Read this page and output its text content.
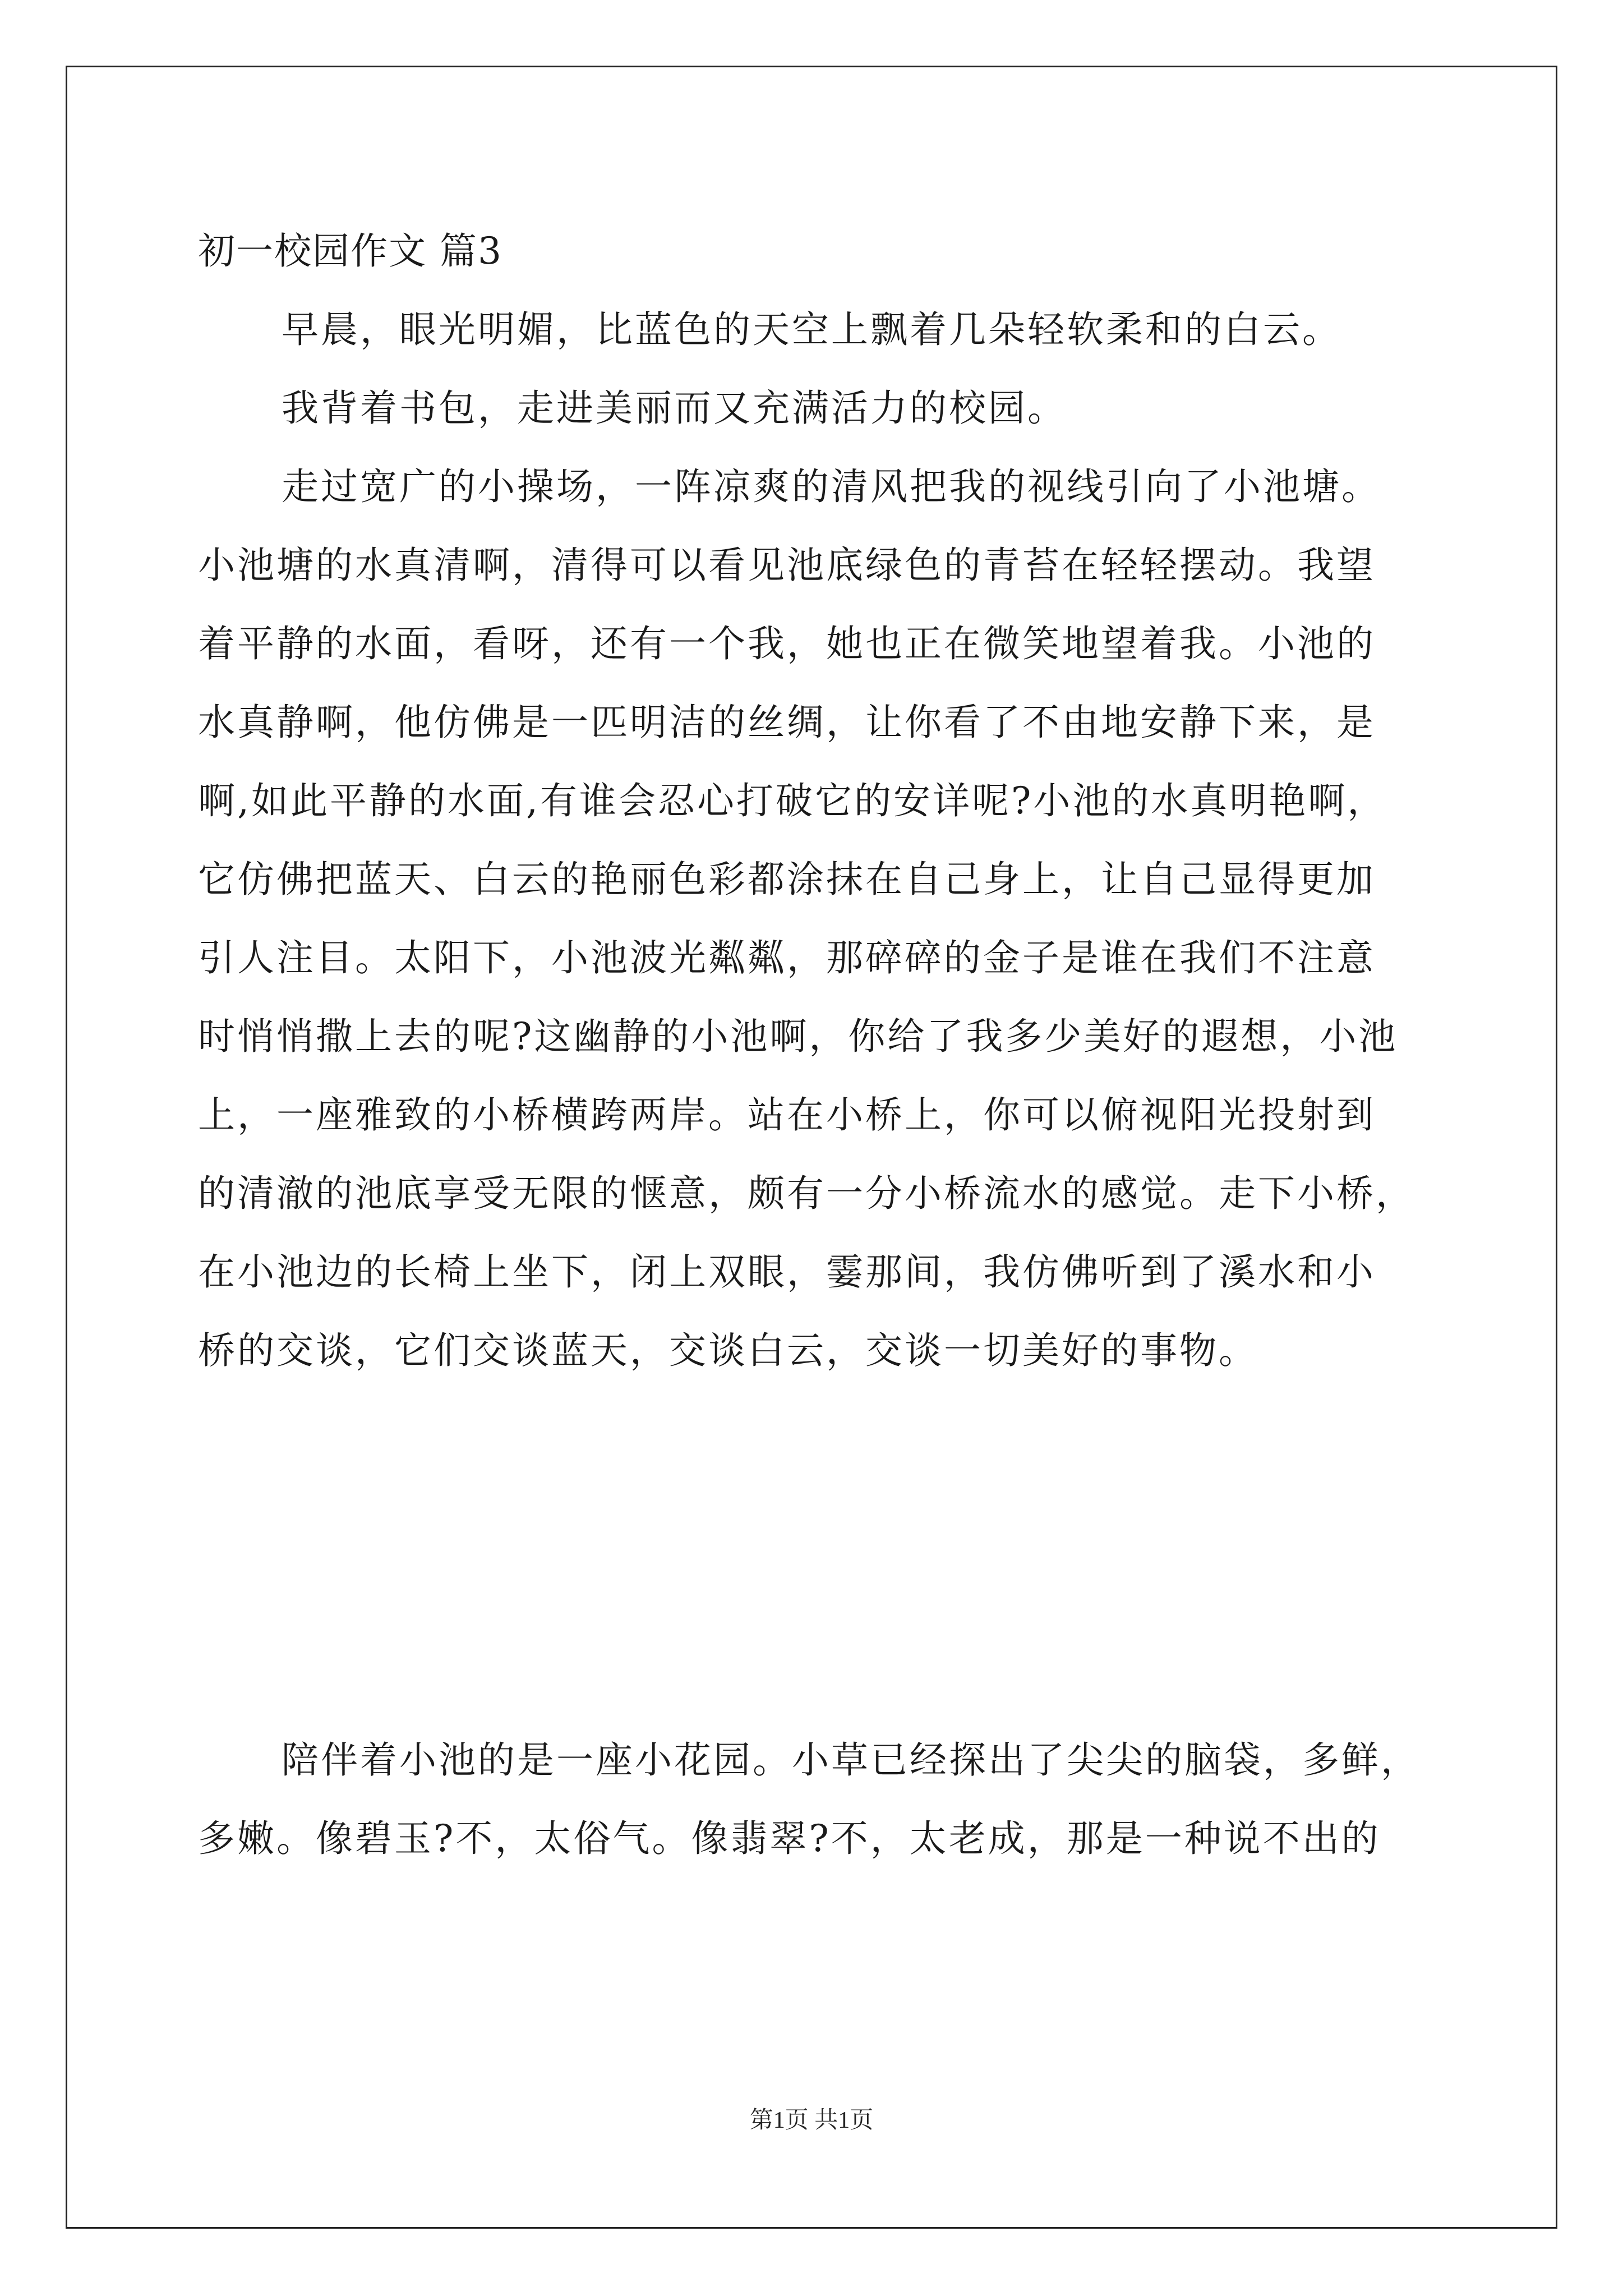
初一校园作文 篇3
早晨，眼光明媚，比蓝色的天空上飘着几朵轻软柔和的白云。
我背着书包，走进美丽而又充满活力的校园。
走过宽广的小操场，一阵凉爽的清风把我的视线引向了小池塘。
小池塘的水真清啊，清得可以看见池底绿色的青苔在轻轻摆动。我望
着平静的水面，看呀，还有一个我，她也正在微笑地望着我。小池的
水真静啊，他仿佛是一匹明洁的丝绸，让你看了不由地安静下来，是
啊,如此平静的水面,有谁会忍心打破它的安详呢?小池的水真明艳啊，
它仿佛把蓝天、白云的艳丽色彩都涂抹在自己身上，让自己显得更加
引人注目。太阳下，小池波光粼粼，那碎碎的金子是谁在我们不注意
时悄悄撒上去的呢?这幽静的小池啊，你给了我多少美好的遐想，小池
上，一座雅致的小桥横跨两岸。站在小桥上，你可以俯视阳光投射到
的清澈的池底享受无限的惬意，颇有一分小桥流水的感觉。走下小桥，
在小池边的长椅上坐下，闭上双眼，霎那间，我仿佛听到了溪水和小
桥的交谈，它们交谈蓝天，交谈白云，交谈一切美好的事物。
陪伴着小池的是一座小花园。小草已经探出了尖尖的脑袋，多鲜，
多嫩。像碧玉?不，太俗气。像翡翠?不，太老成，那是一种说不出的
第1页 共1页
